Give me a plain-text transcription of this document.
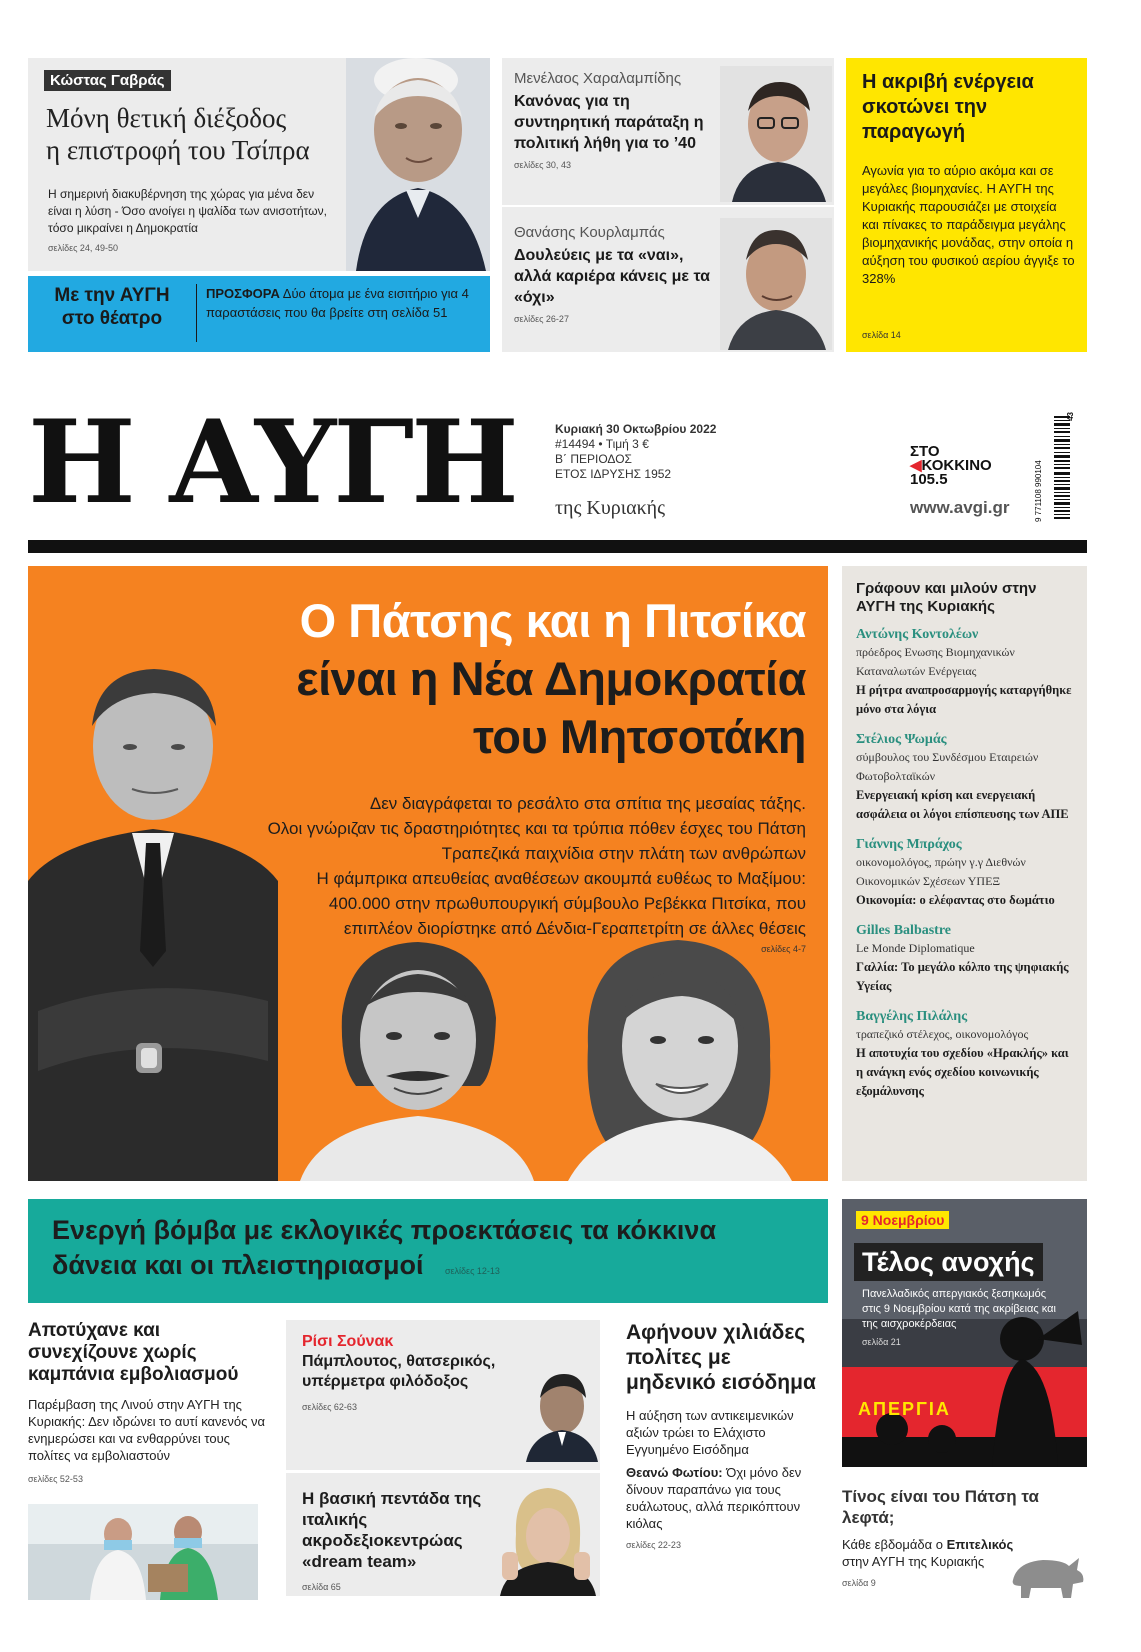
Κώστας Γαβράς
Μόνη θετική διέξοδος
η επιστροφή του Τσίπρα
Η σημερινή διακυβέρνηση της χώρας για μένα δεν είναι η λύση - Όσο ανοίγει η ψαλίδα των ανισοτήτων, τόσο μικραίνει η Δημοκρατία
σελίδες 24, 49-50
Με την ΑΥΓΗ
στο θέατρο
ΠΡΟΣΦΟΡΑ Δύο άτομα με ένα εισιτήριο για 4 παραστάσεις που θα βρείτε στη σελίδα 51
Μενέλαος Χαραλαμπίδης
Κανόνας για τη συντηρητική παράταξη η πολιτική λήθη για το ’40
σελίδες 30, 43
Θανάσης Κουρλαμπάς
Δουλεύεις με τα «ναι», αλλά καριέρα κάνεις με τα «όχι»
σελίδες 26-27
Η ακριβή ενέργεια σκοτώνει την παραγωγή
Αγωνία για το αύριο ακόμα και σε μεγάλες βιομηχανίες. Η ΑΥΓΗ της Κυριακής παρουσιάζει με στοιχεία και πίνακες το παράδειγμα μεγάλης βιομηχανικής μονάδας, στην οποία η αύξηση του φυσικού αερίου άγγιξε το 328%
σελίδα 14
Η ΑΥΓΗ	Κυριακή 30 Οκτωβρίου 2022
#14494 • Τιμή 3 €
Β΄ ΠΕΡΙΟΔΟΣ
ΕΤΟΣ ΙΔΡΥΣΗΣ 1952
της Κυριακής
ΣΤΟ
◀ΚΟΚΚΙΝΟ
105.5
www.avgi.gr	9 771108 990104
43
Ο Πάτσης και η Πιτσίκα
είναι η Νέα Δημοκρατία
του Μητσοτάκη
Δεν διαγράφεται το ρεσάλτο στα σπίτια της μεσαίας τάξης.
Ολοι γνώριζαν τις δραστηριότητες και τα τρύπια πόθεν έσχες του Πάτση
Τραπεζικά παιχνίδια στην πλάτη των ανθρώπων
Η φάμπρικα απευθείας αναθέσεων ακουμπά ευθέως το Μαξίμου:
400.000 στην πρωθυπουργική σύμβουλο Ρεβέκκα Πιτσίκα, που
επιπλέον διορίστηκε από Δένδια-Γεραπετρίτη σε άλλες θέσεις
σελίδες 4-7
Γράφουν και μιλούν στην ΑΥΓΗ της Κυριακής
Αντώνης Κοντολέων
πρόεδρος Ενωσης Βιομηχανικών Καταναλωτών Ενέργειας
Η ρήτρα αναπροσαρμογής καταργήθηκε μόνο στα λόγια
Στέλιος Ψωμάς
σύμβουλος του Συνδέσμου Εταιρειών Φωτοβολταϊκών
Ενεργειακή κρίση και ενεργειακή ασφάλεια οι λόγοι επίσπευσης των ΑΠΕ
Γιάννης Μπράχος
οικονομολόγος, πρώην γ.γ Διεθνών Οικονομικών Σχέσεων ΥΠΕΞ
Οικονομία: ο ελέφαντας στο δωμάτιο
Gilles Balbastre
Le Monde Diplomatique
Γαλλία: Το μεγάλο κόλπο της ψηφιακής Υγείας
Βαγγέλης Πιλάλης
τραπεζικό στέλεχος, οικονομολόγος
Η αποτυχία του σχεδίου «Ηρακλής» και η ανάγκη ενός σχεδίου κοινωνικής εξομάλυνσης
Ενεργή βόμβα με εκλογικές προεκτάσεις τα κόκκινα δάνεια και οι πλειστηριασμοί σελίδες 12-13
Αποτύχανε και συνεχίζουνε χωρίς καμπάνια εμβολιασμού
Παρέμβαση της Λινού στην ΑΥΓΗ της Κυριακής: Δεν ιδρώνει το αυτί κανενός να ενημερώσει και να ενθαρρύνει τους πολίτες να εμβολιαστούν
σελίδες 52-53
Ρίσι Σούνακ
Πάμπλουτος, θατσερικός, υπέρμετρα φιλόδοξος
σελίδες 62-63
Η βασική πεντάδα της ιταλικής ακροδεξιοκεντρώας «dream team»
σελίδα 65
Αφήνουν χιλιάδες πολίτες με μηδενικό εισόδημα
Η αύξηση των αντικειμενικών αξιών τρώει το Ελάχιστο Εγγυημένο Εισόδημα
Θεανώ Φωτίου: Όχι μόνο δεν δίνουν παραπάνω για τους ευάλωτους, αλλά περικόπτουν κιόλας
σελίδες 22-23
ΑΠΕΡΓΙΑ
9 Νοεμβρίου
Τέλος ανοχής
Πανελλαδικός απεργιακός ξεσηκωμός στις 9 Νοεμβρίου κατά της ακρίβειας και της αισχροκέρδειας
σελίδα 21
Τίνος είναι του Πάτση τα λεφτά;
Κάθε εβδομάδα ο Επιτελικός στην ΑΥΓΗ της Κυριακής
σελίδα 9
